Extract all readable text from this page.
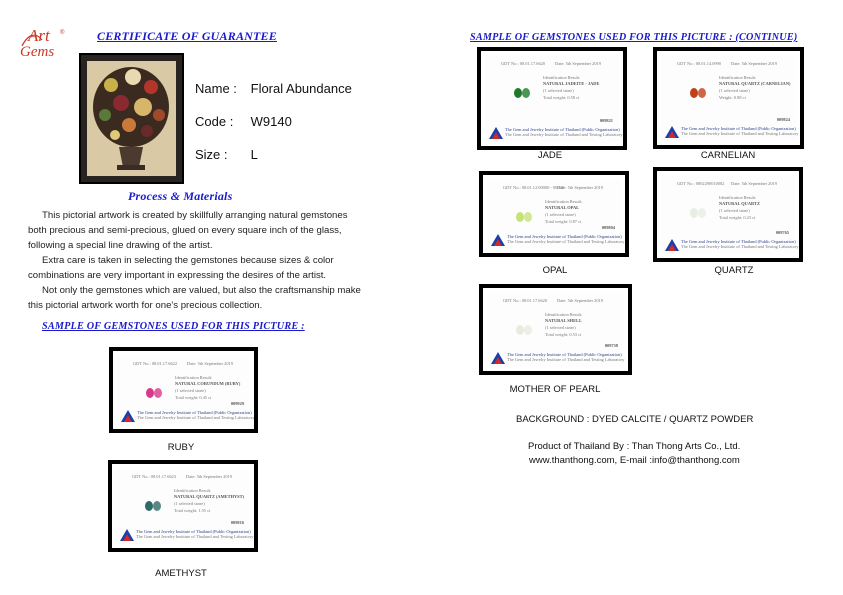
Art
Gems
®	CERTIFICATE OF GUARANTEE
Name : Floral Abundance
Code : W9140
Size : L
Process & Materials

This pictorial artwork is created by skillfully arranging natural gemstones both precious and semi-precious, glued on every square inch of the glass, following a special line drawing of the artist.

Extra care is taken in selecting the gemstones because sizes & color combinations are very important in expressing the desires of the artist.

Not only the gemstones which are valued, but also the craftsmanship make this pictorial artwork worth for one's precious collection.

SAMPLE OF GEMSTONES USED FOR THIS PICTURE :
SAMPLE OF GEMSTONES USED FOR THIS PICTURE : (CONTINUE)
GDT No.: 08.01.17.6620 Date: 5th September 2019
Identification Result:
NATURAL JADEITE - JADE
(1 selected stone)
Total weight: 0.58 ct
009821
The Gem and Jewelry Institute of Thailand (Public Organization)
The Gem and Jewelry Institute of Thailand and Testing Laboratory
JADE
GDT No.: 08.01.14.0990 Date: 5th September 2019
Identification Result:
NATURAL QUARTZ (CARNELIAN)
(1 selected stone)
Weight: 0.88 ct
009824
The Gem and Jewelry Institute of Thailand (Public Organization)
The Gem and Jewelry Institute of Thailand and Testing Laboratory
CARNELIAN
GDT No.: 08.01.12.00000 - 00000
Date: 5th September 2019
Identification Result:
NATURAL OPAL
(1 selected stone)
Total weight: 0.87 ct
009804
The Gem and Jewelry Institute of Thailand (Public Organization)
The Gem and Jewelry Institute of Thailand and Testing Laboratory
OPAL
GDT No.: 0802290010002 Date: 5th September 2019
Identification Result:
NATURAL QUARTZ
(1 selected stone)
Total weight: 0.23 ct
009765
The Gem and Jewelry Institute of Thailand (Public Organization)
The Gem and Jewelry Institute of Thailand and Testing Laboratory
QUARTZ
GDT No.: 08.01.17.6620 Date: 5th September 2019
Identification Result:
NATURAL SHELL
(1 selected stone)
Total weight: 0.53 ct
009758
The Gem and Jewelry Institute of Thailand (Public Organization)
The Gem and Jewelry Institute of Thailand and Testing Laboratory
MOTHER OF PEARL
GDT No.: 08.01.17.6622 Date: 5th September 2019
Identification Result:
NATURAL CORUNDUM (RUBY)
(1 selected stone)
Total weight: 0.45 ct
009929
The Gem and Jewelry Institute of Thailand (Public Organization)
The Gem and Jewelry Institute of Thailand and Testing Laboratory
RUBY
GDT No.: 08.01.17.6623 Date: 5th September 2019
Identification Result:
NATURAL QUARTZ (AMETHYST)
(1 selected stone)
Total weight: 1.55 ct
009816
The Gem and Jewelry Institute of Thailand (Public Organization)
The Gem and Jewelry Institute of Thailand and Testing Laboratory
AMETHYST
BACKGROUND : DYED CALCITE / QUARTZ POWDER
Product of Thailand By : Than Thong Arts Co., Ltd.
www.thanthong.com, E-mail :info@thanthong.com
